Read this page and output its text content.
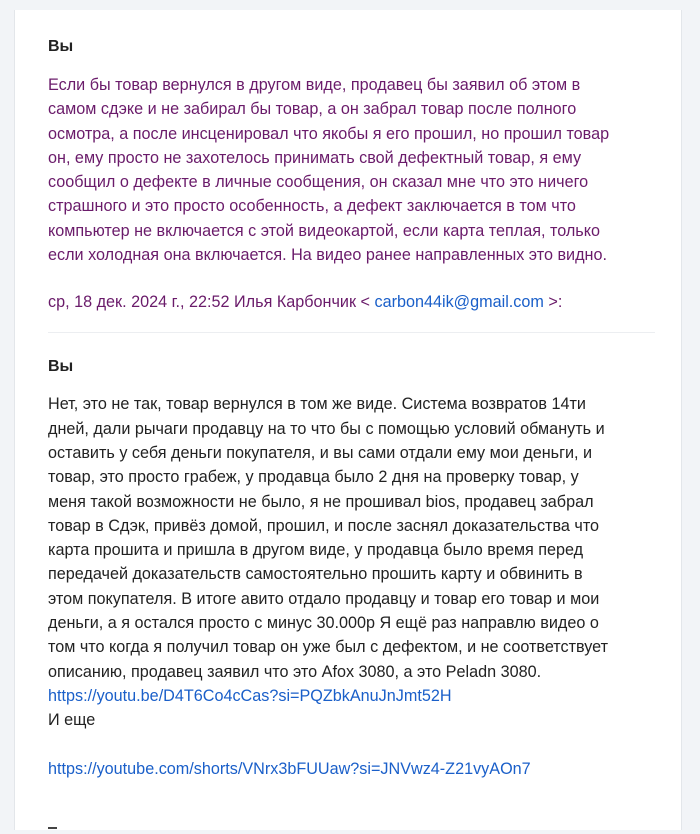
Вы

Если бы товар вернулся в другом виде, продавец бы заявил об этом в
самом сдэке и не забирал бы товар, а он забрал товар после полного
осмотра, а после инсценировал что якобы я его прошил, но прошил товар
он, ему просто не захотелось принимать свой дефектный товар, я ему
сообщил о дефекте в личные сообщения, он сказал мне что это ничего
страшного и это просто особенность, а дефект заключается в том что
компьютер не включается с этой видеокартой, если карта теплая, только
если холодная она включается. На видео ранее направленных это видно.

ср, 18 дек. 2024 г., 22:52 Илья Карбончик < carbon44ik@gmail.com >:

Вы

Нет, это не так, товар вернулся в том же виде. Система возвратов 14ти
дней, дали рычаги продавцу на то что бы с помощью условий обмануть и
оставить у себя деньги покупателя, и вы сами отдали ему мои деньги, и
товар, это просто грабеж, у продавца было 2 дня на проверку товар, у
меня такой возможности не было, я не прошивал bios, продавец забрал
товар в Сдэк, привёз домой, прошил, и после заснял доказательства что
карта прошита и пришла в другом виде, у продавца было время перед
передачей доказательств самостоятельно прошить карту и обвинить в
этом покупателя. В итоге авито отдало продавцу и товар его товар и мои
деньги, а я остался просто с минус 30.000р Я ещё раз направлю видео о
том что когда я получил товар он уже был с дефектом, и не соответствует
описанию, продавец заявил что это Afox 3080, а это Peladn 3080.
https://youtu.be/D4T6Co4cCas?si=PQZbkAnuJnJmt52H
И еще
https://youtube.com/shorts/VNrx3bFUUaw?si=JNVwz4-Z21vyAOn7
